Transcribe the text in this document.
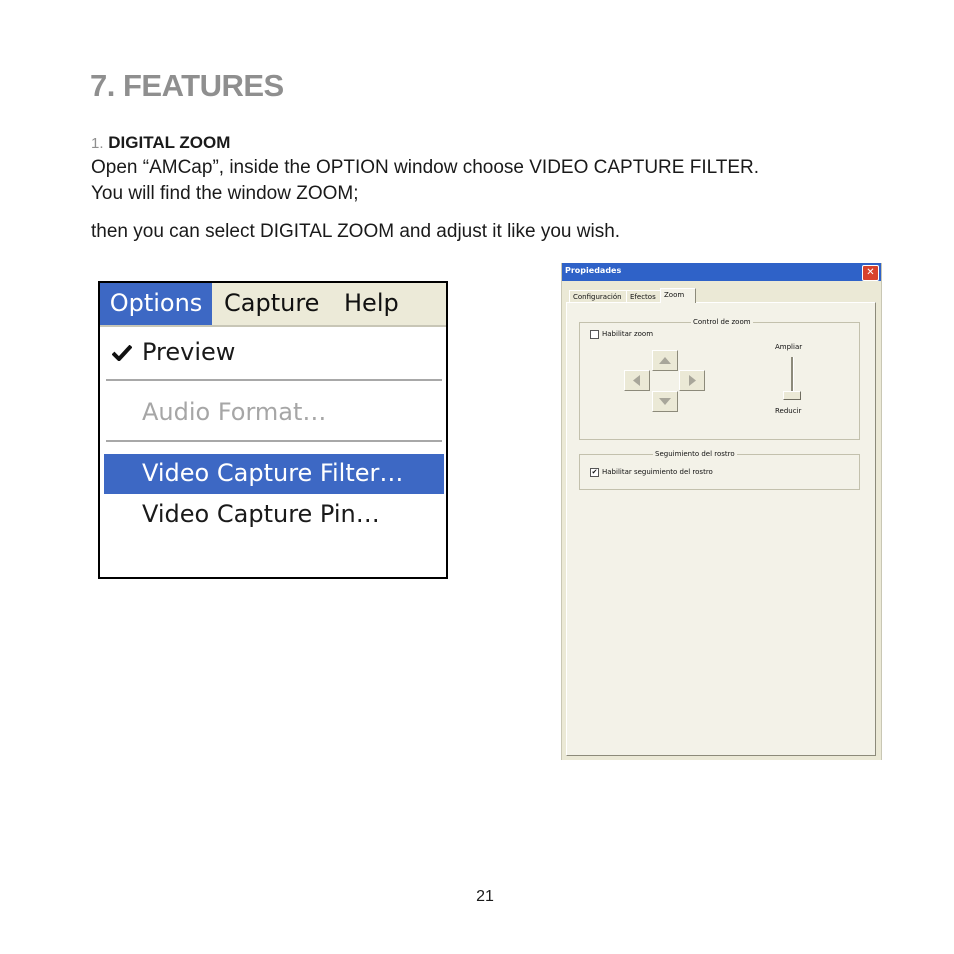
7. FEATURES
1. DIGITAL ZOOM

Open “AMCap”, inside the OPTION window choose VIDEO CAPTURE FILTER.
You will find the window ZOOM;

then you can select DIGITAL ZOOM and adjust it like you wish.

Options Capture Help
Preview
Audio Format…
Video Capture Filter…
Video Capture Pin…
Propiedades	✕
Configuración	Efectos	Zoom
Control de zoom
Habilitar zoom
Ampliar
Reducir
Seguimiento del rostro
✔ Habilitar seguimiento del rostro
21
